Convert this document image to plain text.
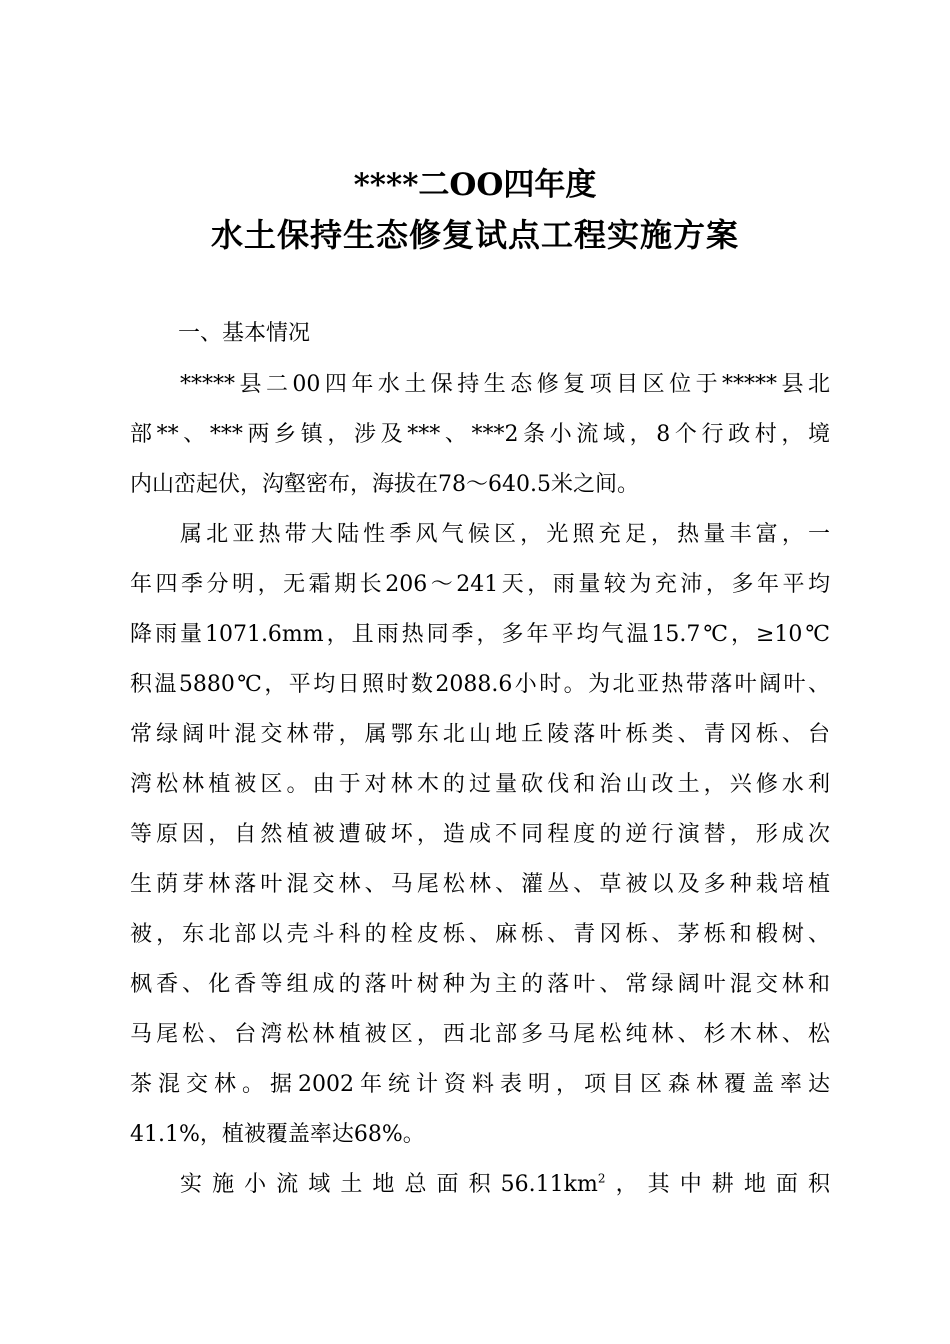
****二OO四年度
水土保持生态修复试点工程实施方案
一、基本情况
*****县二00四年水土保持生态修复项目区位于*****县北
部**、***两乡镇，涉及***、***2条小流域，8个行政村，境
内山峦起伏，沟壑密布，海拔在78～640.5米之间。
属北亚热带大陆性季风气候区，光照充足，热量丰富，一
年四季分明，无霜期长206～241天，雨量较为充沛，多年平均
降雨量1071.6mm，且雨热同季，多年平均气温15.7℃，≥10℃
积温5880℃，平均日照时数2088.6小时。为北亚热带落叶阔叶、
常绿阔叶混交林带，属鄂东北山地丘陵落叶栎类、青冈栎、台
湾松林植被区。由于对林木的过量砍伐和治山改土，兴修水利
等原因，自然植被遭破坏，造成不同程度的逆行演替，形成次
生荫芽林落叶混交林、马尾松林、灌丛、草被以及多种栽培植
被，东北部以壳斗科的栓皮栎、麻栎、青冈栎、茅栎和椴树、
枫香、化香等组成的落叶树种为主的落叶、常绿阔叶混交林和
马尾松、台湾松林植被区，西北部多马尾松纯林、杉木林、松
茶混交林。据2002年统计资料表明，项目区森林覆盖率达
41.1%，植被覆盖率达68%。
实施小流域土地总面积$56.11km^2$，其中耕地面积
